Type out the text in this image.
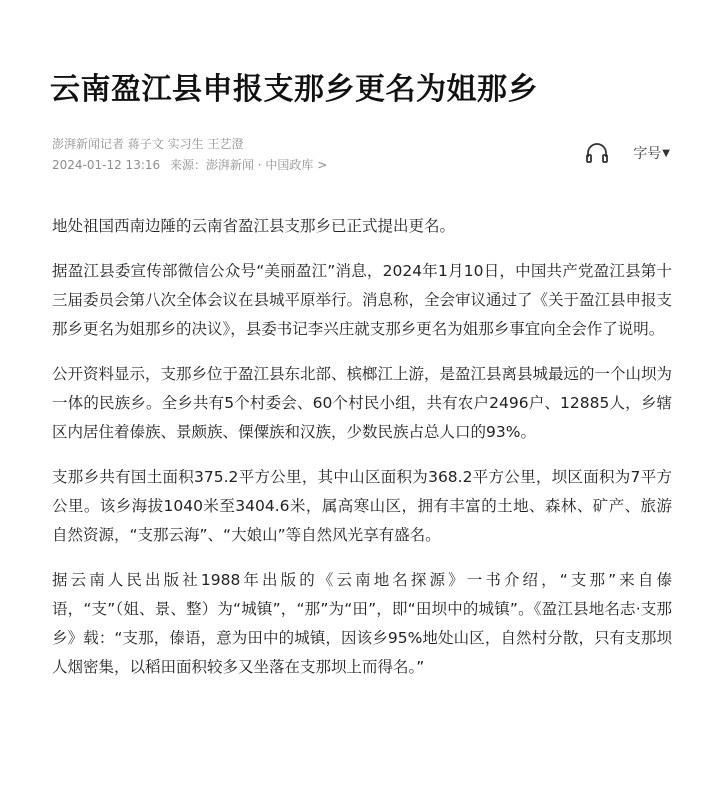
云南盈江县申报支那乡更名为姐那乡
澎湃新闻记者 蒋子文 实习生 王艺澄
2024-01-12 13:16 来源：澎湃新闻 · 中国政库 >
字号 ▼

地处祖国西南边陲的云南省盈江县支那乡已正式提出更名。

据盈江县委宣传部微信公众号“美丽盈江”消息，2024年1月10日，中国共产党盈江县第十三届委员会第八次全体会议在县城平原举行。消息称，全会审议通过了《关于盈江县申报支那乡更名为姐那乡的决议》，县委书记李兴庄就支那乡更名为姐那乡事宜向全会作了说明。

公开资料显示，支那乡位于盈江县东北部、槟榔江上游，是盈江县离县城最远的一个山坝为一体的民族乡。全乡共有5个村委会、60个村民小组，共有农户2496户、12885人，乡辖区内居住着傣族、景颇族、傈僳族和汉族，少数民族占总人口的93%。

支那乡共有国土面积375.2平方公里，其中山区面积为368.2平方公里，坝区面积为7平方公里。该乡海拔1040米至3404.6米，属高寒山区，拥有丰富的土地、森林、矿产、旅游自然资源，“支那云海”、“大娘山”等自然风光享有盛名。

据云南人民出版社1988年出版的《云南地名探源》一书介绍，“支那”来自傣语，“支”（姐、景、整）为“城镇”，“那”为“田”，即“田坝中的城镇”。《盈江县地名志·支那乡》载：“支那，傣语，意为田中的城镇，因该乡95%地处山区，自然村分散，只有支那坝人烟密集，以稻田面积较多又坐落在支那坝上而得名。”
